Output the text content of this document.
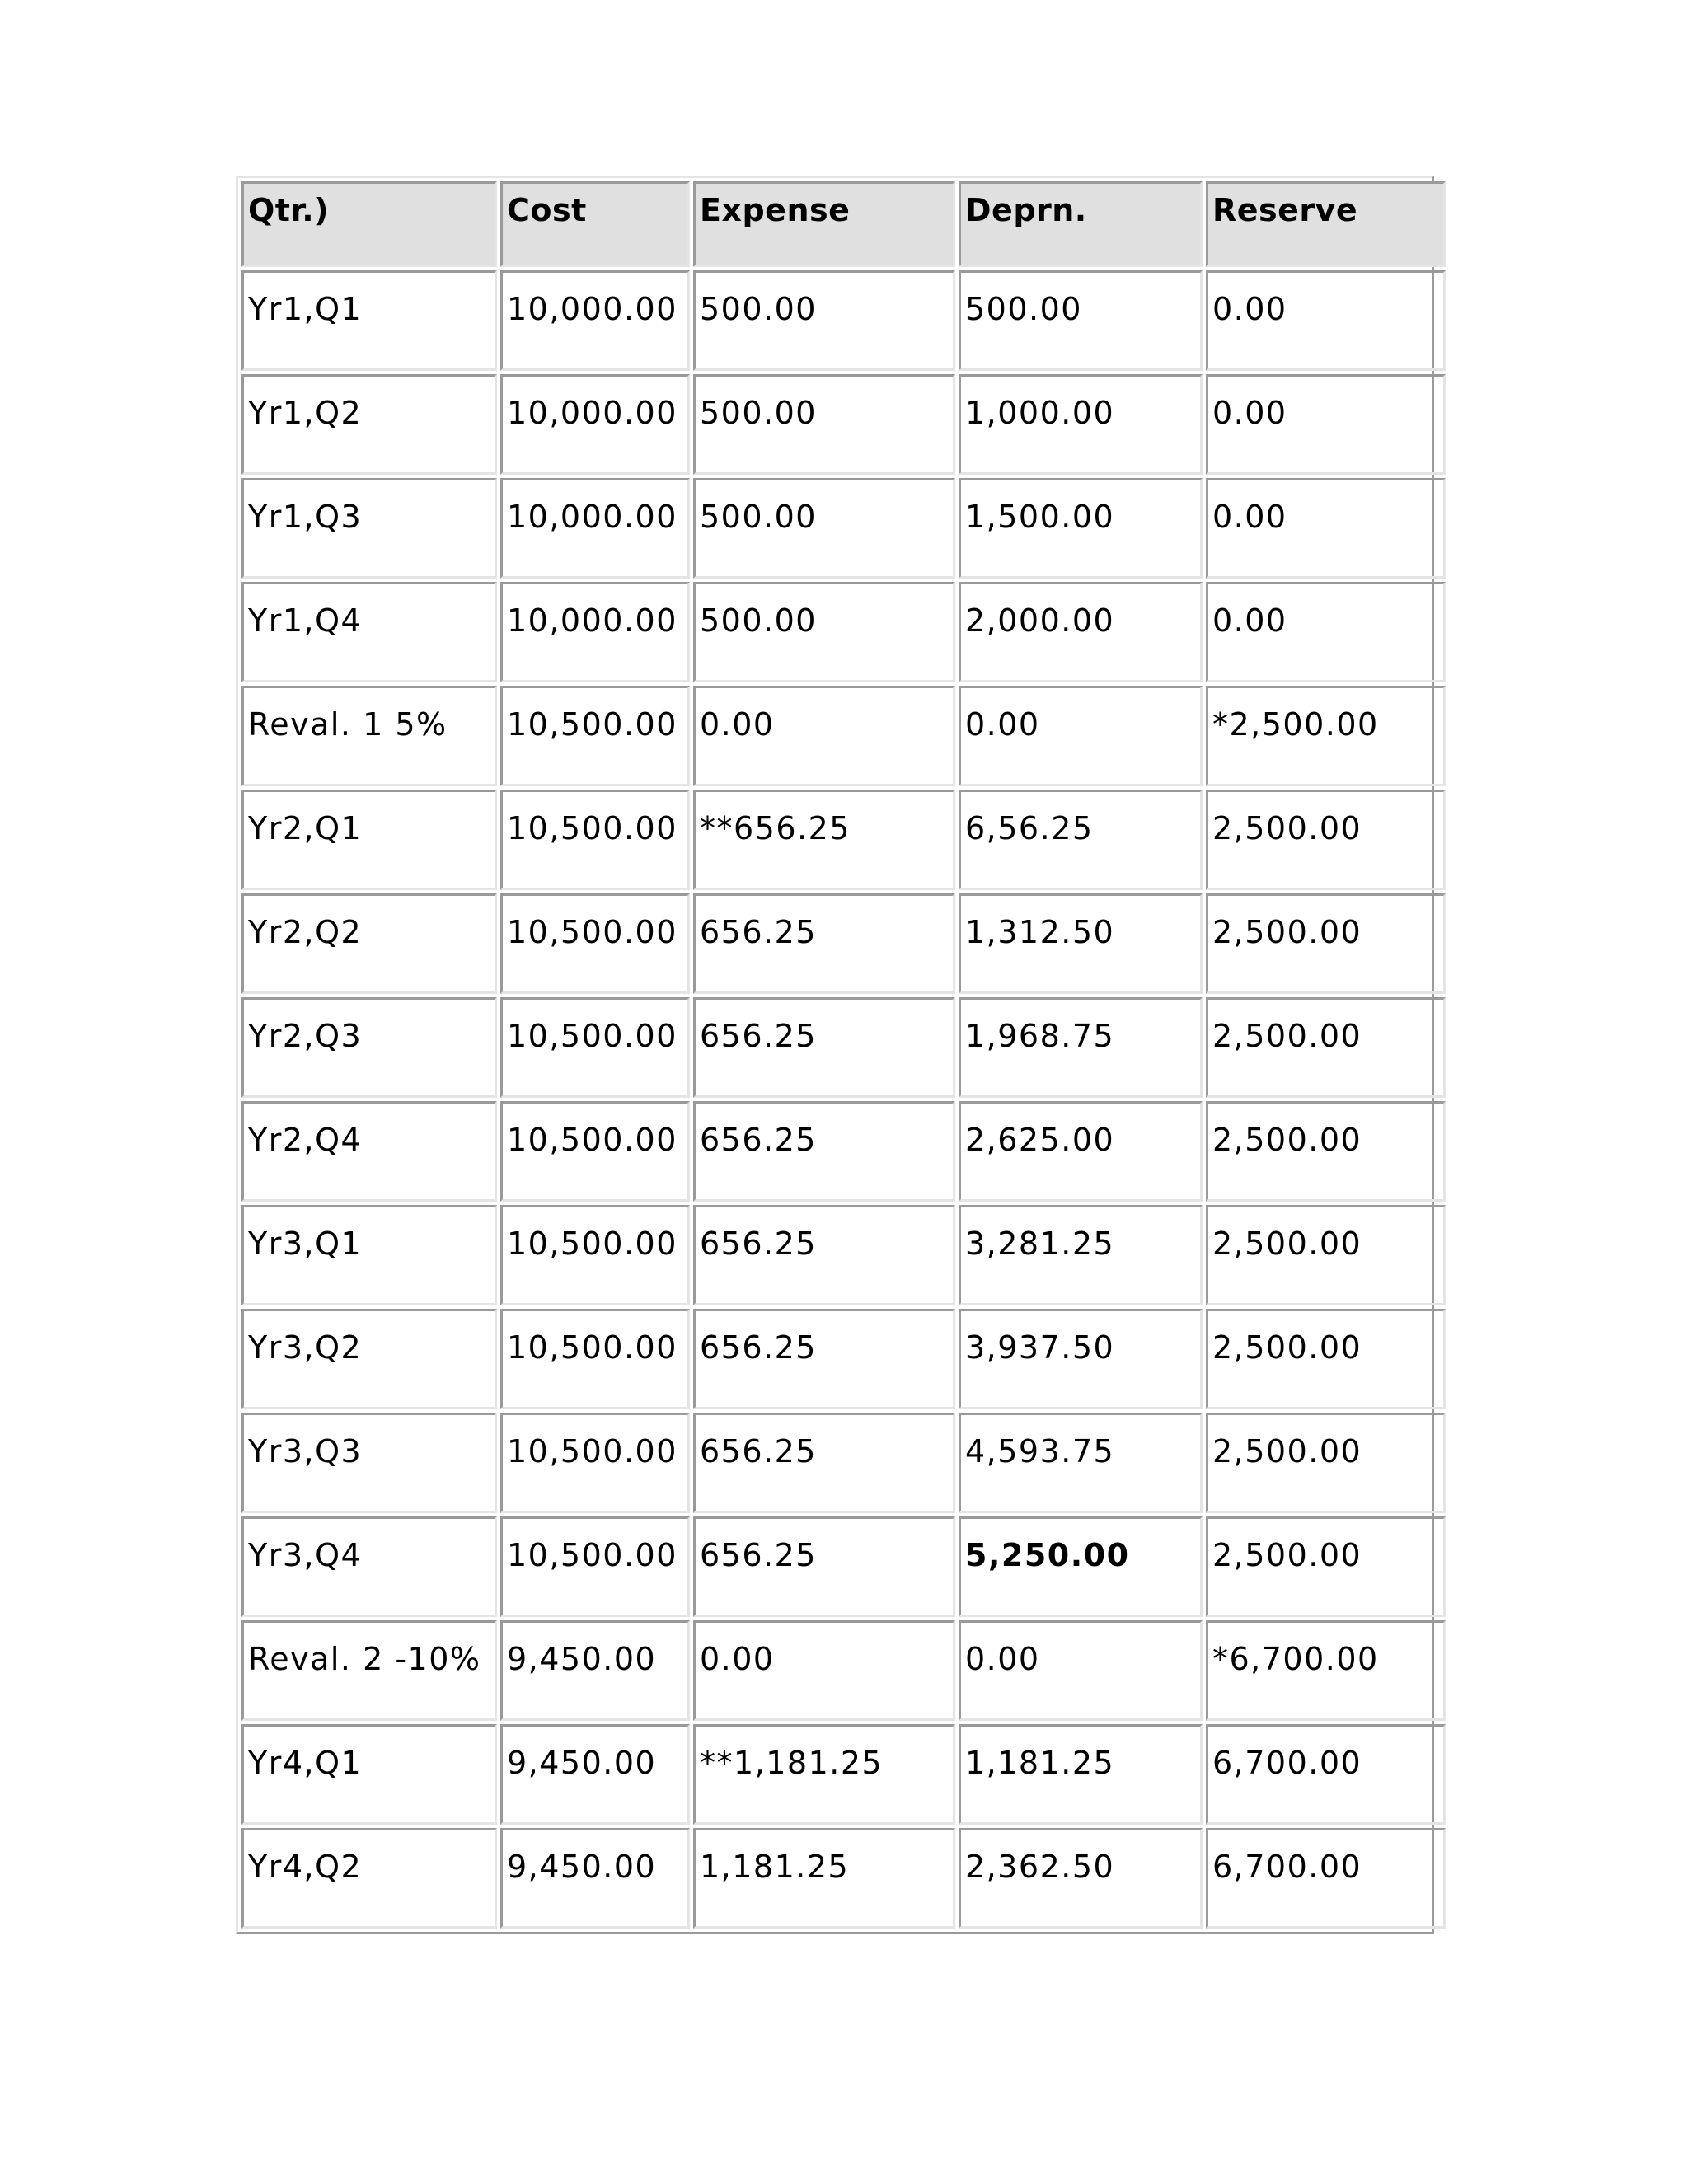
Qtr.)	Cost	Expense	Deprn.	Reserve
Yr1,Q1	10,000.00	500.00	500.00	0.00
Yr1,Q2	10,000.00	500.00	1,000.00	0.00
Yr1,Q3	10,000.00	500.00	1,500.00	0.00
Yr1,Q4	10,000.00	500.00	2,000.00	0.00
Reval. 1 5%	10,500.00	0.00	0.00	*2,500.00
Yr2,Q1	10,500.00	**656.25	6,56.25	2,500.00
Yr2,Q2	10,500.00	656.25	1,312.50	2,500.00
Yr2,Q3	10,500.00	656.25	1,968.75	2,500.00
Yr2,Q4	10,500.00	656.25	2,625.00	2,500.00
Yr3,Q1	10,500.00	656.25	3,281.25	2,500.00
Yr3,Q2	10,500.00	656.25	3,937.50	2,500.00
Yr3,Q3	10,500.00	656.25	4,593.75	2,500.00
Yr3,Q4	10,500.00	656.25	5,250.00	2,500.00
Reval. 2 -10%	9,450.00	0.00	0.00	*6,700.00
Yr4,Q1	9,450.00	**1,181.25	1,181.25	6,700.00
Yr4,Q2	9,450.00	1,181.25	2,362.50	6,700.00
